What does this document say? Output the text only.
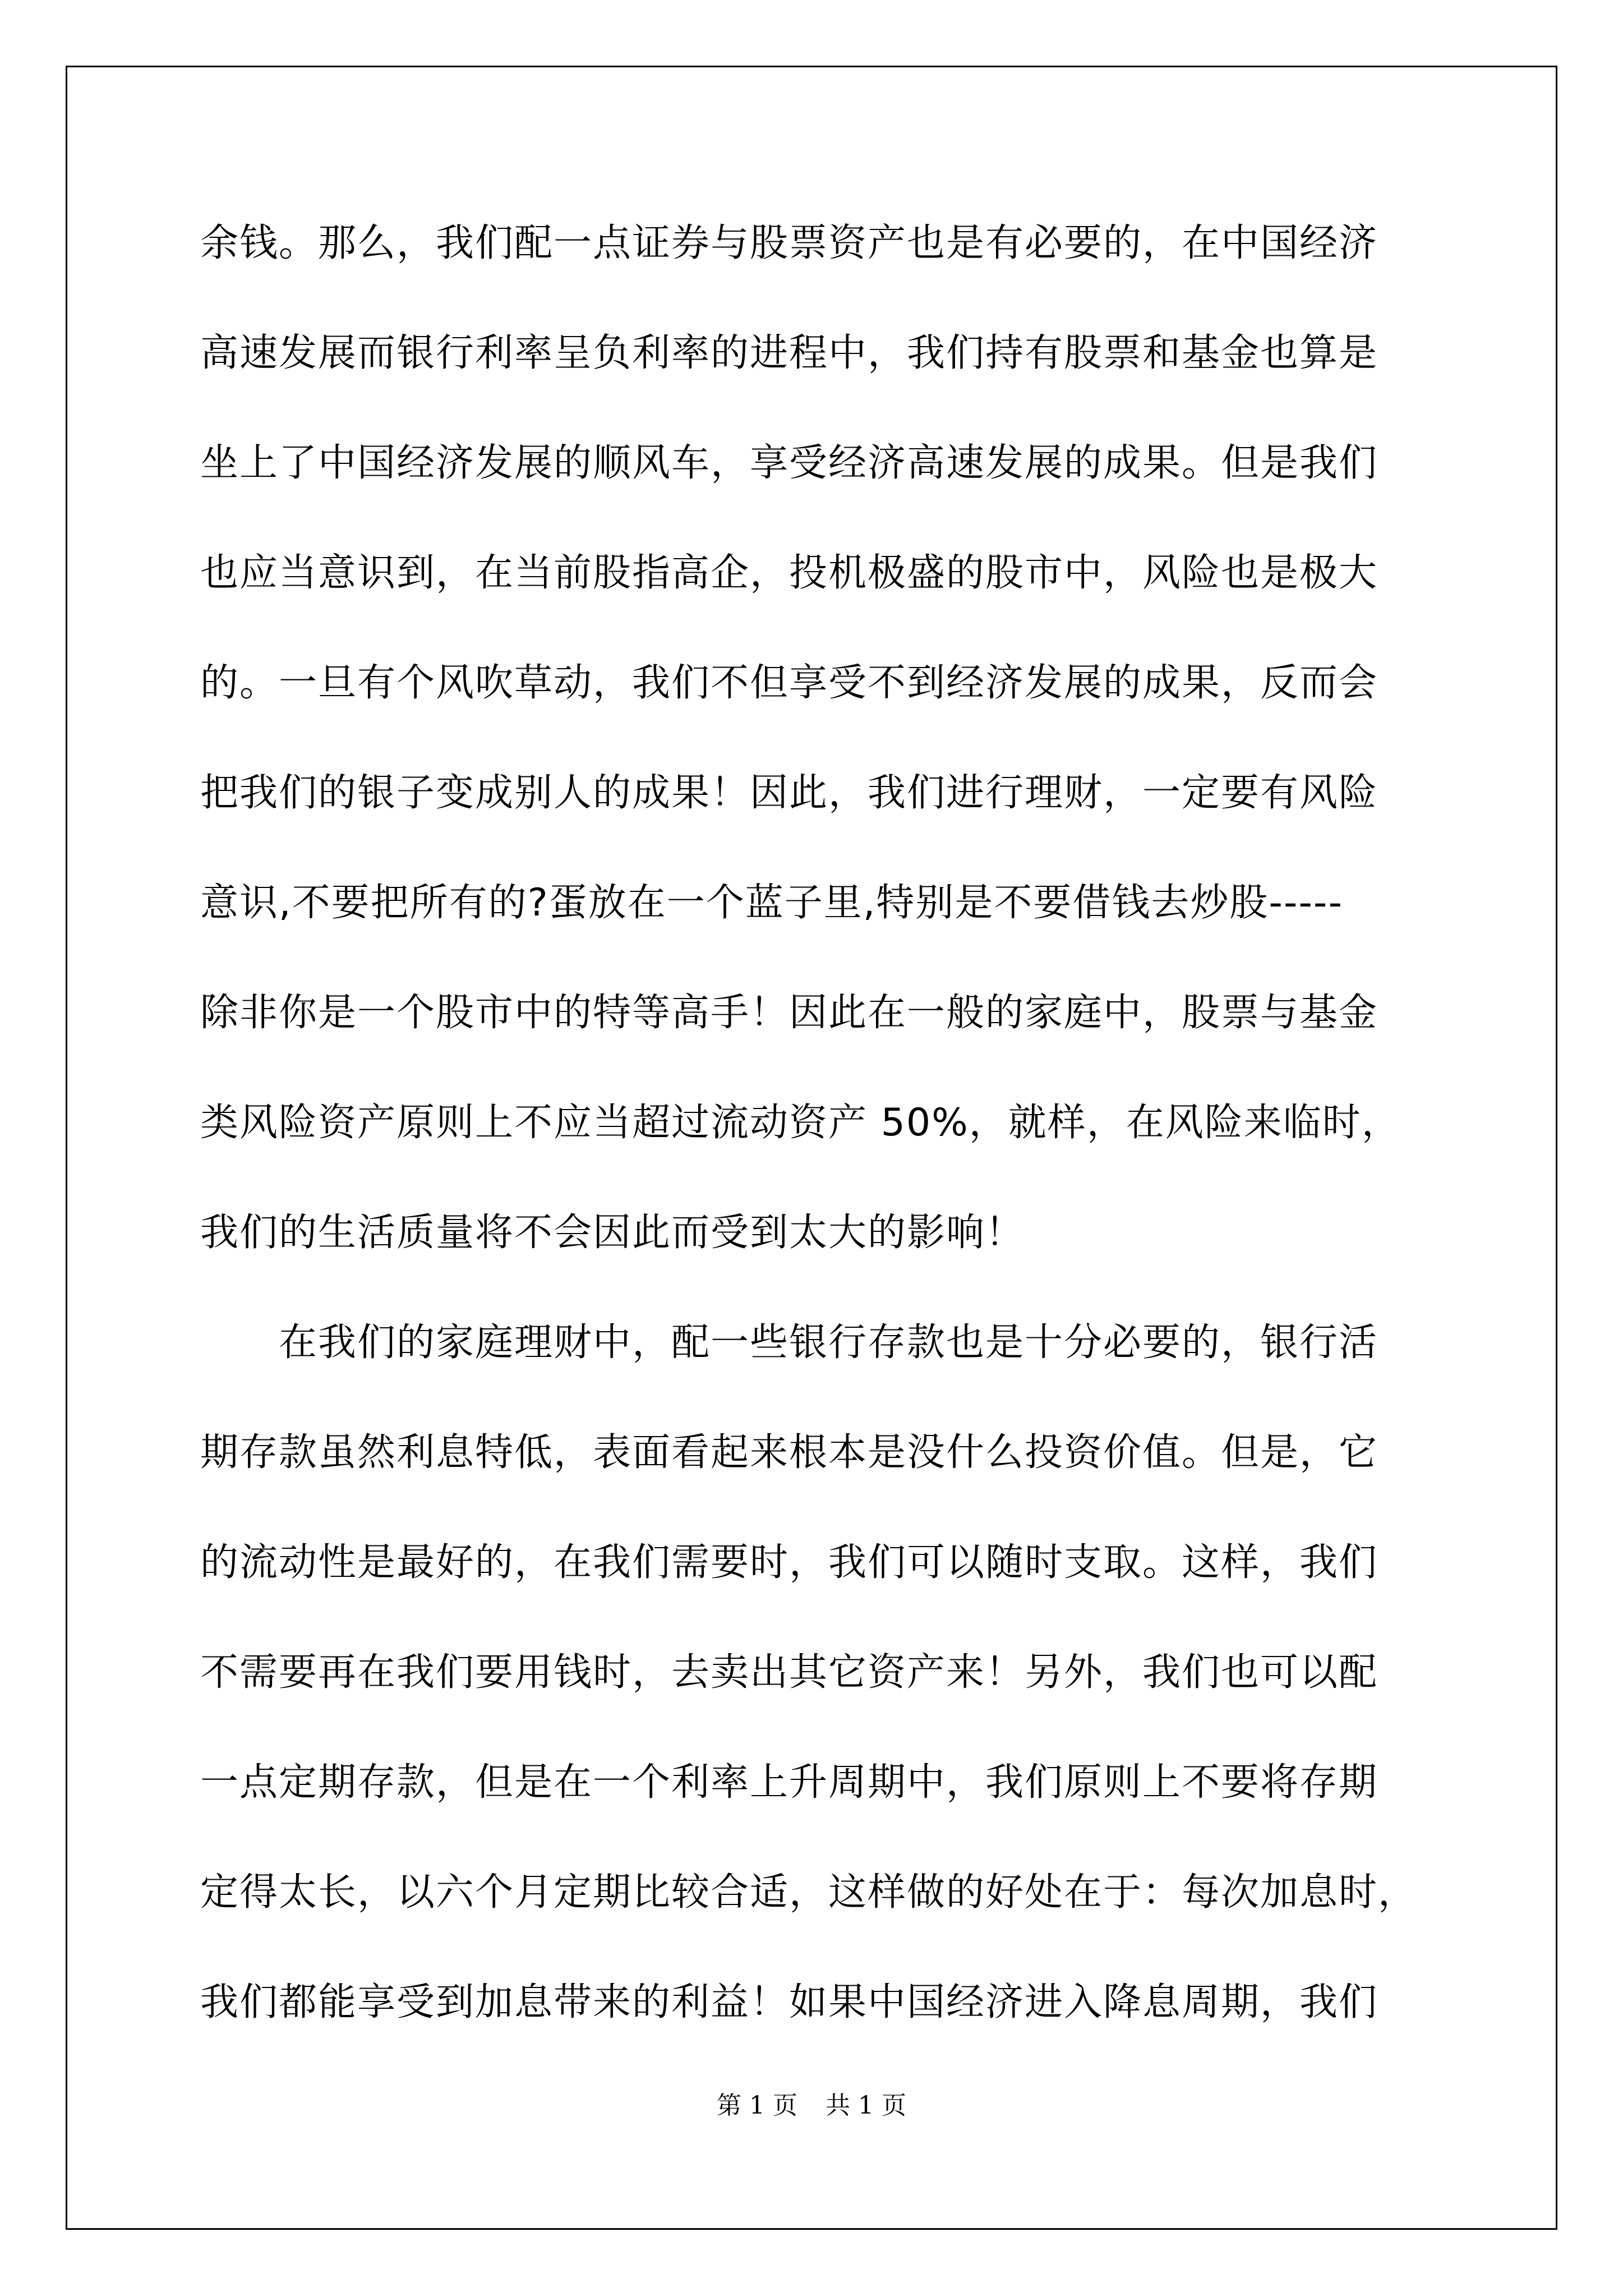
余钱。那么，我们配一点证券与股票资产也是有必要的，在中国经济
高速发展而银行利率呈负利率的进程中，我们持有股票和基金也算是
坐上了中国经济发展的顺风车，享受经济高速发展的成果。但是我们
也应当意识到，在当前股指高企，投机极盛的股市中，风险也是极大
的。一旦有个风吹草动，我们不但享受不到经济发展的成果，反而会
把我们的银子变成别人的成果！因此，我们进行理财，一定要有风险
意识,不要把所有的?蛋放在一个蓝子里,特别是不要借钱去炒股-----
除非你是一个股市中的特等高手！因此在一般的家庭中，股票与基金
类风险资产原则上不应当超过流动资产 50%，就样，在风险来临时，
我们的生活质量将不会因此而受到太大的影响！
在我们的家庭理财中，配一些银行存款也是十分必要的，银行活
期存款虽然利息特低，表面看起来根本是没什么投资价值。但是，它
的流动性是最好的，在我们需要时，我们可以随时支取。这样，我们
不需要再在我们要用钱时，去卖出其它资产来！另外，我们也可以配
一点定期存款，但是在一个利率上升周期中，我们原则上不要将存期
定得太长，以六个月定期比较合适，这样做的好处在于：每次加息时，
我们都能享受到加息带来的利益！如果中国经济进入降息周期，我们
第 1 页 共 1 页
